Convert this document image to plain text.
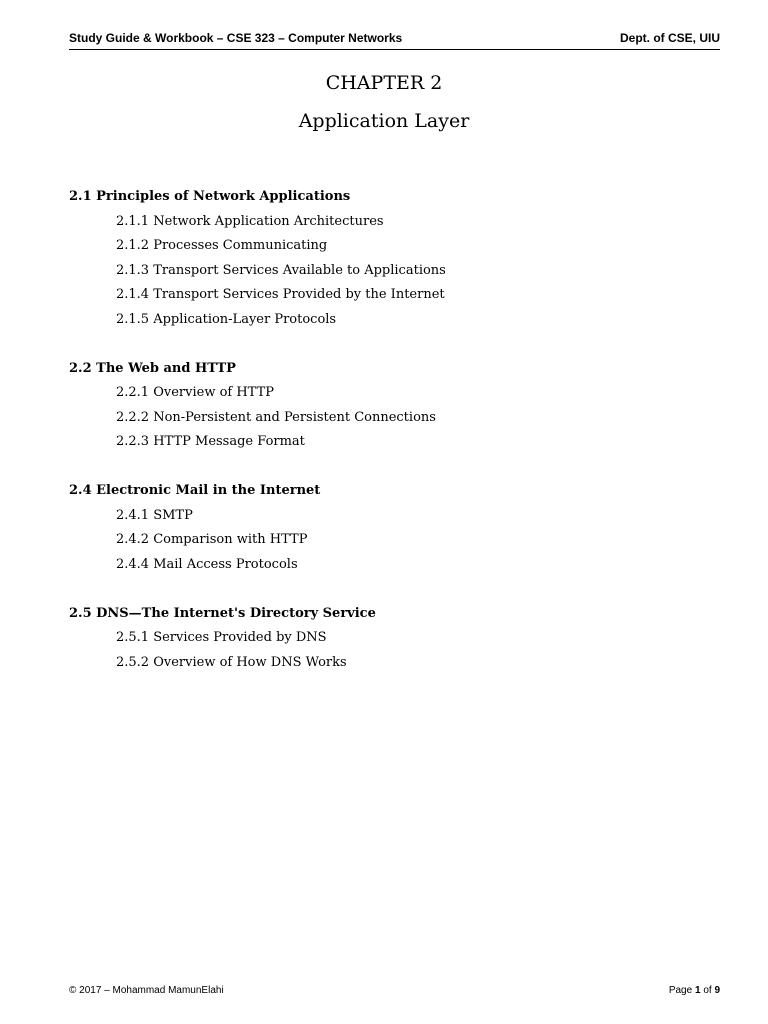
Study Guide & Workbook – CSE 323 – Computer Networks	Dept. of CSE, UIU
CHAPTER 2
Application Layer
2.1 Principles of Network Applications
2.1.1 Network Application Architectures
2.1.2 Processes Communicating
2.1.3 Transport Services Available to Applications
2.1.4 Transport Services Provided by the Internet
2.1.5 Application-Layer Protocols
2.2 The Web and HTTP
2.2.1 Overview of HTTP
2.2.2 Non-Persistent and Persistent Connections
2.2.3 HTTP Message Format
2.4 Electronic Mail in the Internet
2.4.1 SMTP
2.4.2 Comparison with HTTP
2.4.4 Mail Access Protocols
2.5 DNS—The Internet's Directory Service
2.5.1 Services Provided by DNS
2.5.2 Overview of How DNS Works
© 2017 – Mohammad MamunElahi	Page 1 of 9
